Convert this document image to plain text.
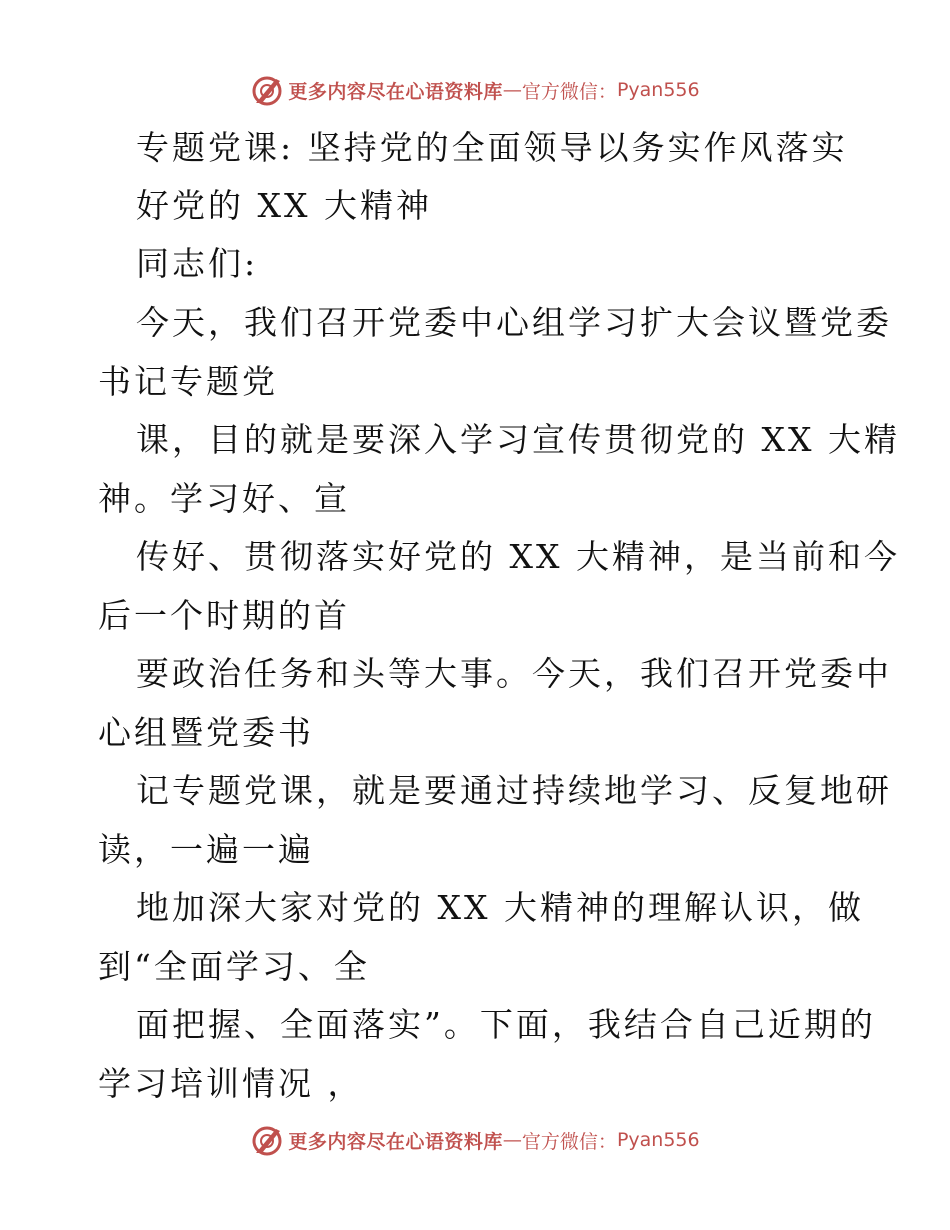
更多内容尽在心语资料库 — 官方微信： Pyan556
专题党课: 坚持党的全面领导以务实作风落实
好党的 XX 大精神
同志们:
今天，我们召开党委中心组学习扩大会议暨党委
书记专题党
课，目的就是要深入学习宣传贯彻党的 XX 大精
神。学习好、宣
传好、贯彻落实好党的 XX 大精神，是当前和今
后一个时期的首
要政治任务和头等大事。今天，我们召开党委中
心组暨党委书
记专题党课，就是要通过持续地学习、反复地研
读，一遍一遍
地加深大家对党的 XX 大精神的理解认识，做
到“全面学习、全
面把握、全面落实”。下面，我结合自己近期的
学习培训情况 ，
更多内容尽在心语资料库 — 官方微信： Pyan556
